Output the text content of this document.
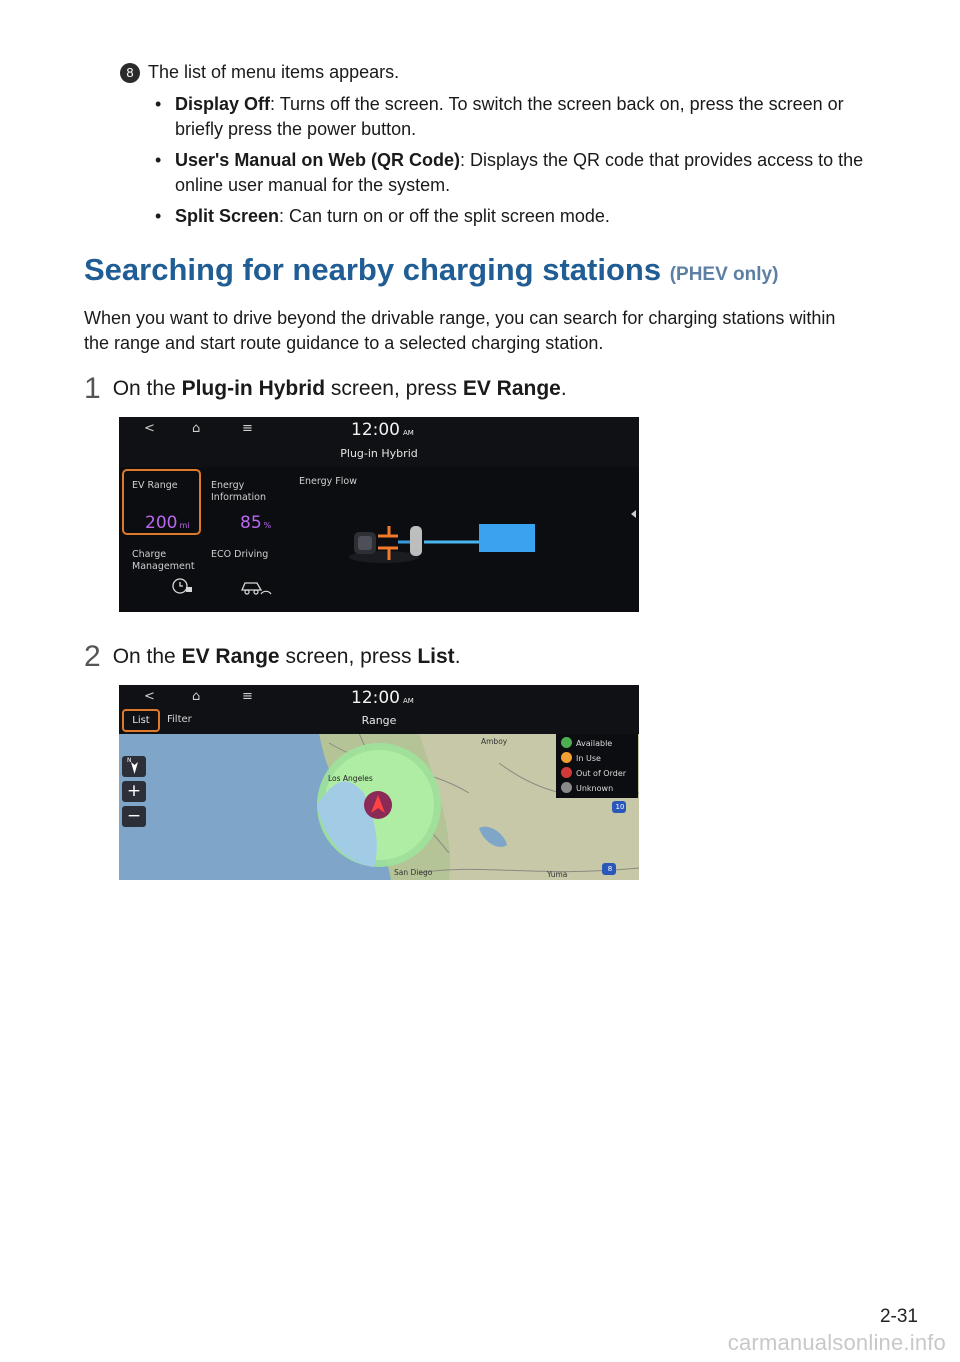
8 The list of menu items appears.
• Display Off: Turns off the screen. To switch the screen back on, press the screen or briefly press the power button.
• User's Manual on Web (QR Code): Displays the QR code that provides access to the online user manual for the system.
• Split Screen: Can turn on or off the split screen mode.
Searching for nearby charging stations (PHEV only)

When you want to drive beyond the drivable range, you can search for charging stations within the range and start route guidance to a selected charging station.

1 On the Plug-in Hybrid screen, press EV Range.
<	⌂	≡	12:00 AM
Plug-in Hybrid
EV Range
200 mi
Energy
Information
85 %
Energy Flow
Charge
Management
ECO Driving
2 On the EV Range screen, press List.
Los Angeles
Amboy
San Diego	Yuma
10
8
<	⌂	≡	12:00 AM
Range
List	Filter
N
+
−
Available
In Use
Out of Order
Unknown
2-31
carmanualsonline.info
